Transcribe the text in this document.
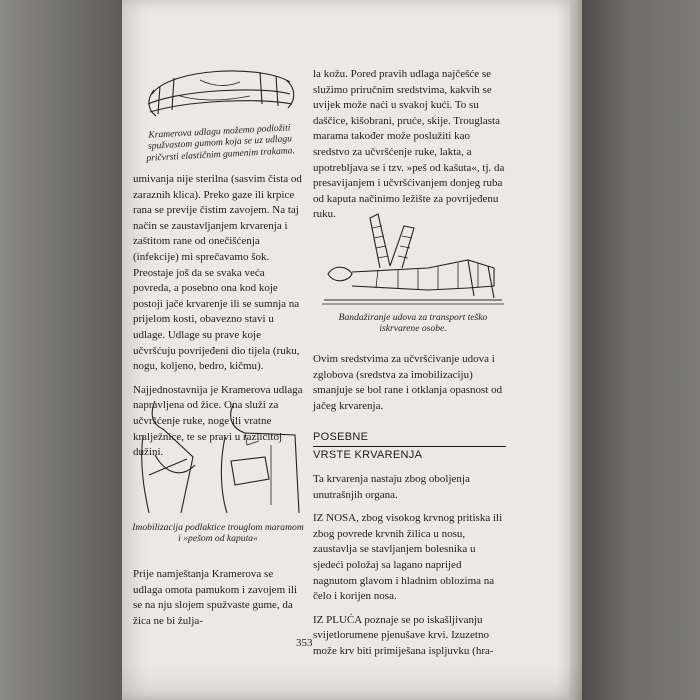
Kramerova udlagu možemo podložiti spužvastom gumom koja se uz udlagu pričvrsti elastičnim gumenim trakama.

umivanja nije sterilna (sasvim čista od zaraznih klica). Preko gaze ili krpice rana se previje čistim zavojem. Na taj način se zaustavljanjem krvarenja i zaštitom rane od onečišćenja (infekcije) mi sprečavamo šok. Preostaje još da se svaka veća povreda, a posebno ona kod koje postoji jače krvarenje ili se sumnja na prijelom kosti, obavezno stavi u udlage. Udlage su prave koje učvršćuju povrijeđeni dio tijela (ruku, nogu, koljeno, bedro, kičmu).

Najjednostavnija je Kramerova udlaga napravljena od žice. Ona služi za učvršćenje ruke, noge ili vratne kralježnice, te se pravi u različitoj dužini.

Imobilizacija podlaktice trouglom maramom i »pešom od kaputa«

Prije namještanja Kramerova se udlaga omota pamukom i zavojem ili se na nju slojem spužvaste gume, da žica ne bi žulja-

la kožu. Pored pravih udlaga najčešće se služimo priručnim sredstvima, kakvih se uvijek može naći u svakoj kući. To su daščice, kišobrani, pruće, skije. Trouglasta marama također može poslužiti kao sredstvo za učvršćenje ruke, lakta, a upotrebljava se i tzv. »peš od kašuta«, tj. da presavijanjem i učvršćivanjem donjeg ruba od kaputa načinimo ležište za povrijeđenu ruku.

Bandažiranje udova za transport teško iskrvarene osobe.

Ovim sredstvima za učvršćivanje udova i zglobova (sredstva za imobilizaciju) smanjuje se bol rane i otklanja opasnost od jačeg krvarenja.

POSEBNE
VRSTE KRVARENJA

Ta krvarenja nastaju zbog oboljenja unutrašnjih organa.

IZ NOSA, zbog visokog krvnog pritiska ili zbog povrede krvnih žilica u nosu, zaustavlja se stavljanjem bolesnika u sjedeći položaj sa lagano naprijed nagnutom glavom i hladnim oblozima na čelo i korijen nosa.

IZ PLUĆA poznaje se po iskašljivanju svijetlorumene pjenušave krvi. Izuzetno može krv biti primiješana ispljuvku (hra-

353
